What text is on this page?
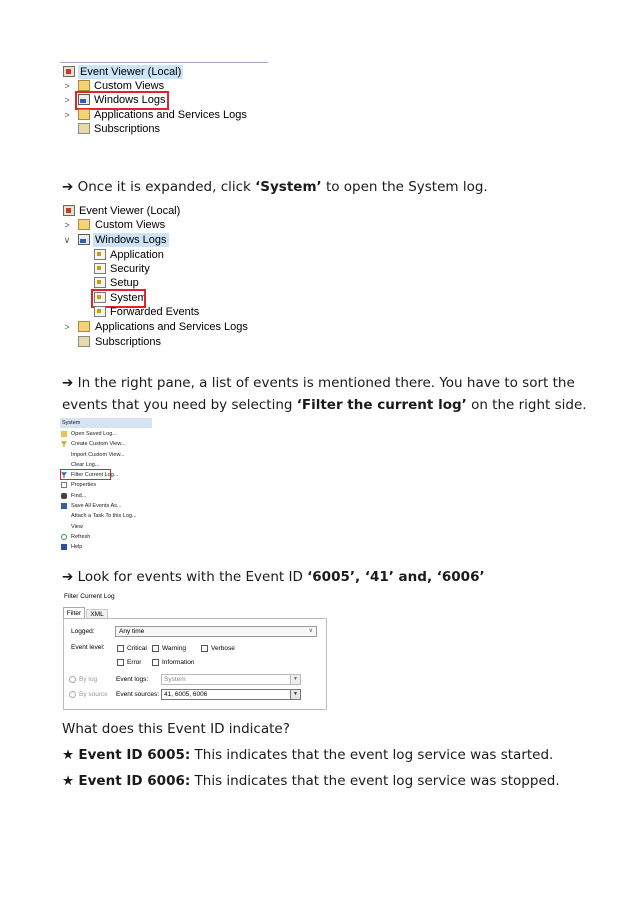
Event Viewer (Local)
> Custom Views
> Windows Logs
> Applications and Services Logs
Subscriptions
➔ Once it is expanded, click ‘System’ to open the System log.
Event Viewer (Local)
> Custom Views
∨ Windows Logs
Application
Security
Setup
System
Forwarded Events
> Applications and Services Logs
Subscriptions
➔ In the right pane, a list of events is mentioned there. You have to sort the
events that you need by selecting ‘Filter the current log’ on the right side.
System
Open Saved Log...
Create Custom View...
Import Custom View...
Clear Log...
Filter Current Log...
Properties
Find...
Save All Events As...
Attach a Task To this Log...
View
Refresh
Help
➔ Look for events with the Event ID ‘6005’, ‘41’ and, ‘6006’
Filter Current Log
Filter	XML
Logged:	Any time	∨
Event level:	Critical Warning	Verbose
Error	Information
By log	Event logs:	System	▼
By source Event sources: 41, 6005, 6006	▼
What does this Event ID indicate?
★ Event ID 6005: This indicates that the event log service was started.
★ Event ID 6006: This indicates that the event log service was stopped.
